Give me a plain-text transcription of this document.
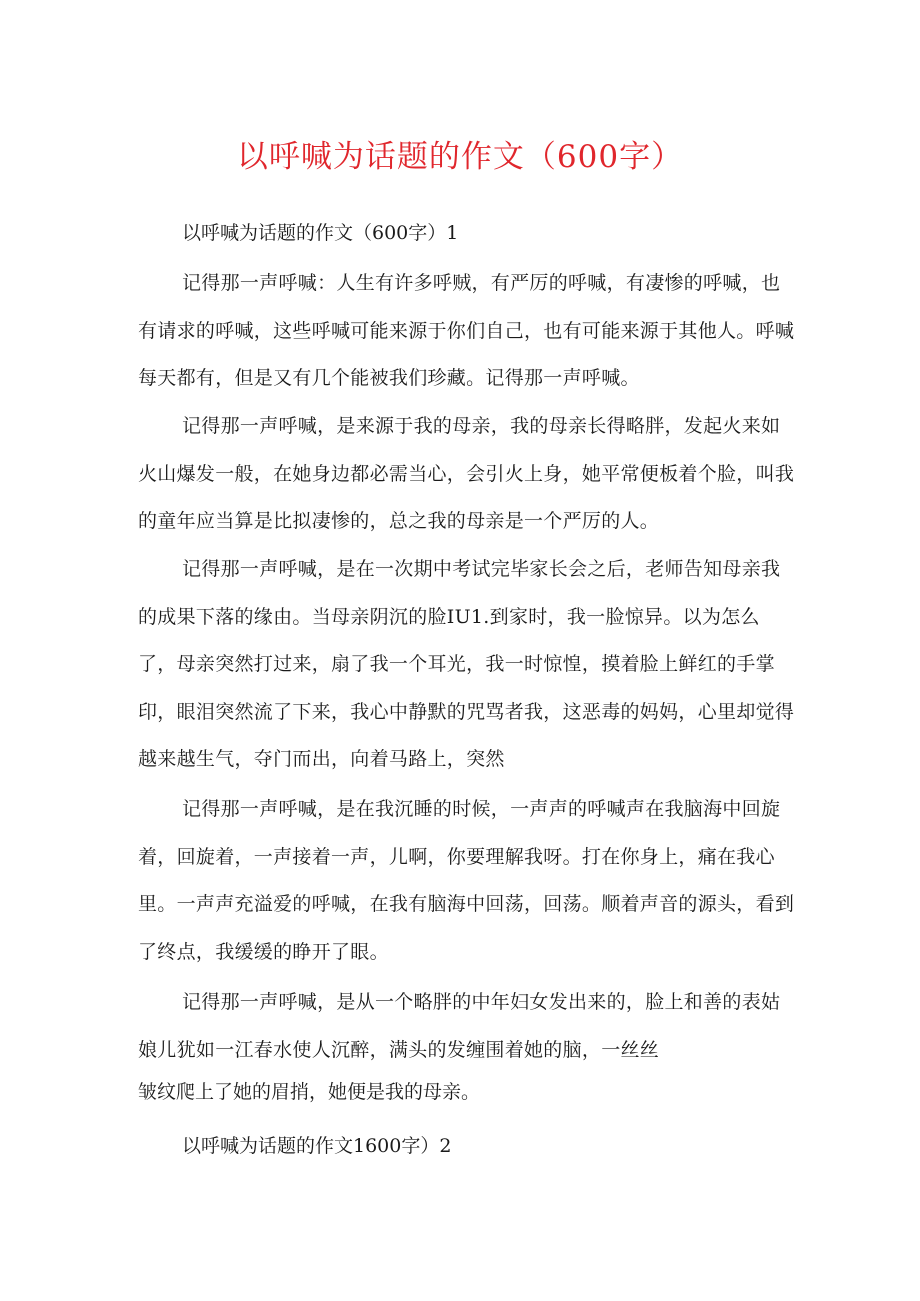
以呼喊为话题的作文（600字）
以呼喊为话题的作文（600字）1
记得那一声呼喊：人生有许多呼贼，有严厉的呼喊，有凄惨的呼喊，也有请求的呼喊，这些呼喊可能来源于你们自己，也有可能来源于其他人。呼喊每天都有，但是又有几个能被我们珍藏。记得那一声呼喊。
记得那一声呼喊，是来源于我的母亲，我的母亲长得略胖，发起火来如火山爆发一般，在她身边都必需当心，会引火上身，她平常便板着个脸，叫我的童年应当算是比拟凄惨的，总之我的母亲是一个严厉的人。
记得那一声呼喊，是在一次期中考试完毕家长会之后，老师告知母亲我的成果下落的缘由。当母亲阴沉的脸IU1.到家时，我一脸惊异。以为怎么了，母亲突然打过来，扇了我一个耳光，我一时惊惶，摸着脸上鲜红的手掌印，眼泪突然流了下来，我心中静默的咒骂者我，这恶毒的妈妈，心里却觉得越来越生气，夺门而出，向着马路上，突然
记得那一声呼喊，是在我沉睡的时候，一声声的呼喊声在我脑海中回旋着，回旋着，一声接着一声，儿啊，你要理解我呀。打在你身上，痛在我心里。一声声充溢爱的呼喊，在我有脑海中回荡，回荡。顺着声音的源头，看到了终点，我缓缓的睁开了眼。
记得那一声呼喊，是从一个略胖的中年妇女发出来的，脸上和善的表姑娘儿犹如一江春水使人沉醉，满头的发缠围着她的脑，一丝丝
皱纹爬上了她的眉捎，她便是我的母亲。
以呼喊为话题的作文1600字）2
